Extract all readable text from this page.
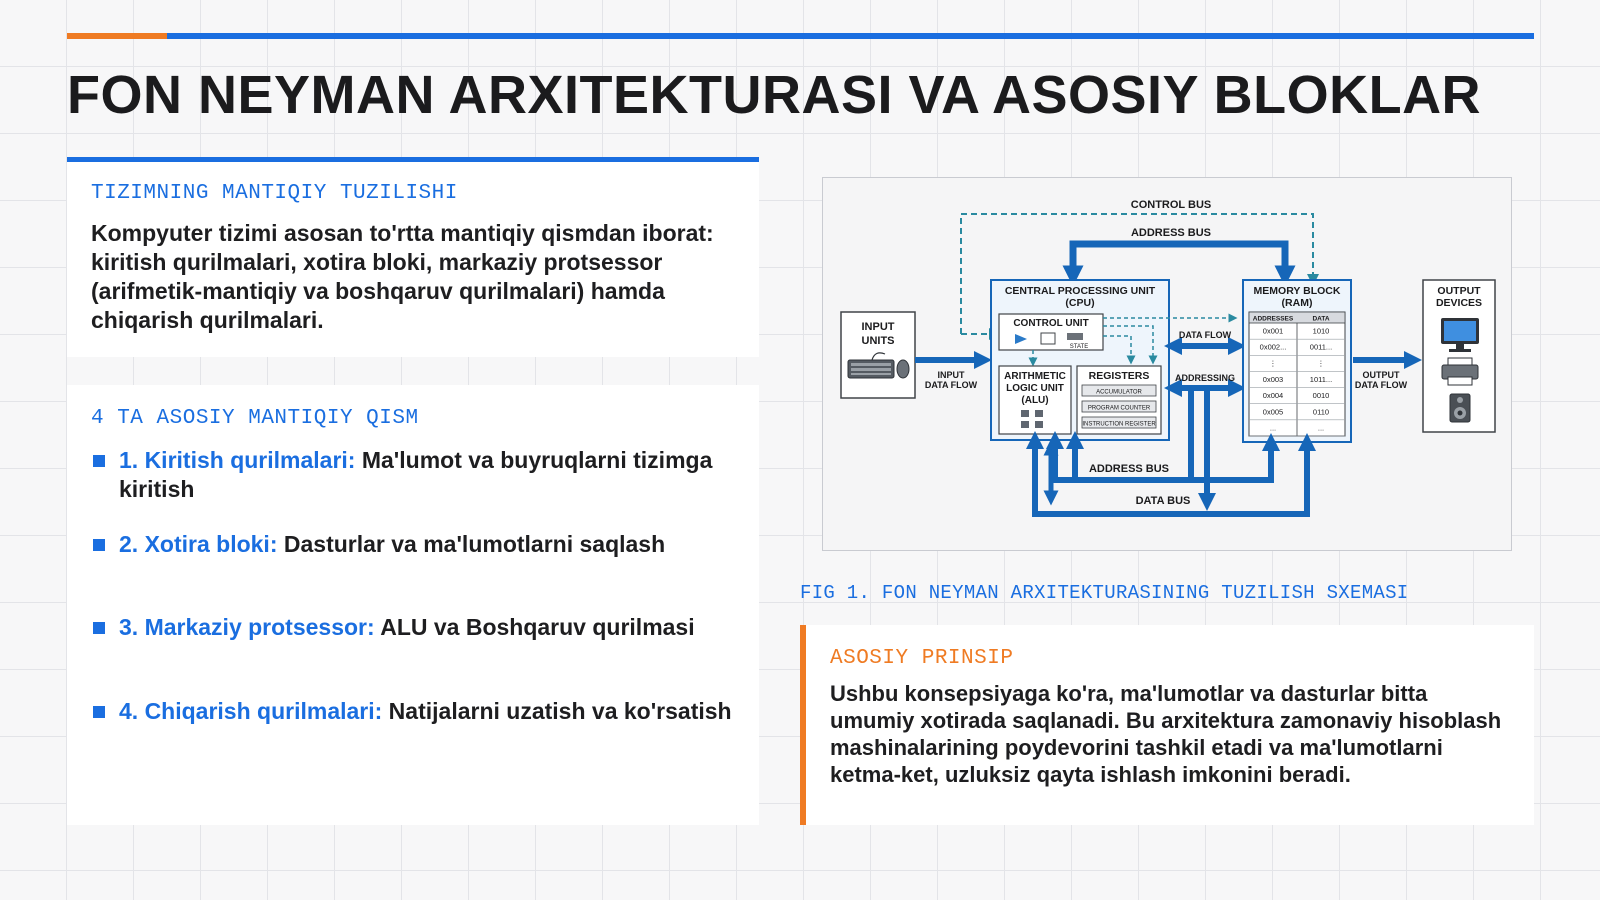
FON NEYMAN ARXITEKTURASI VA ASOSIY BLOKLAR

TIZIMNING MANTIQIY TUZILISHI

Kompyuter tizimi asosan to'rtta mantiqiy qismdan iborat: kiritish qurilmalari, xotira bloki, markaziy protsessor (arifmetik-mantiqiy va boshqaruv qurilmalari) hamda chiqarish qurilmalari.

4 TA ASOSIY MANTIQIY QISM

1. Kiritish qurilmalari: Ma'lumot va buyruqlarni tizimga kiritish
2. Xotira bloki: Dasturlar va ma'lumotlarni saqlash
3. Markaziy protsessor: ALU va Boshqaruv qurilmasi
4. Chiqarish qurilmalari: Natijalarni uzatish va ko'rsatish
CONTROL BUS
ADDRESS BUS
INPUT
UNITS
INPUT
DATA FLOW
CENTRAL PROCESSING UNIT
(CPU)
CONTROL UNIT
STATE
ARITHMETIC
LOGIC UNIT
(ALU)
REGISTERS
ACCUMULATOR
PROGRAM COUNTER
INSTRUCTION REGISTER
DATA FLOW
ADDRESSING
MEMORY BLOCK
(RAM)
ADDRESSES	DATA
0x001	1010
0x002...	0011...
⋮	⋮
0x003	1011...
0x004	0010
0x005	0110
...	...
OUTPUT
DATA FLOW
OUTPUT
DEVICES
ADDRESS BUS
DATA BUS

FIG 1. FON NEYMAN ARXITEKTURASINING TUZILISH SXEMASI

ASOSIY PRINSIP

Ushbu konsepsiyaga ko'ra, ma'lumotlar va dasturlar bitta umumiy xotirada saqlanadi. Bu arxitektura zamonaviy hisoblash mashinalarining poydevorini tashkil etadi va ma'lumotlarni ketma-ket, uzluksiz qayta ishlash imkonini beradi.
